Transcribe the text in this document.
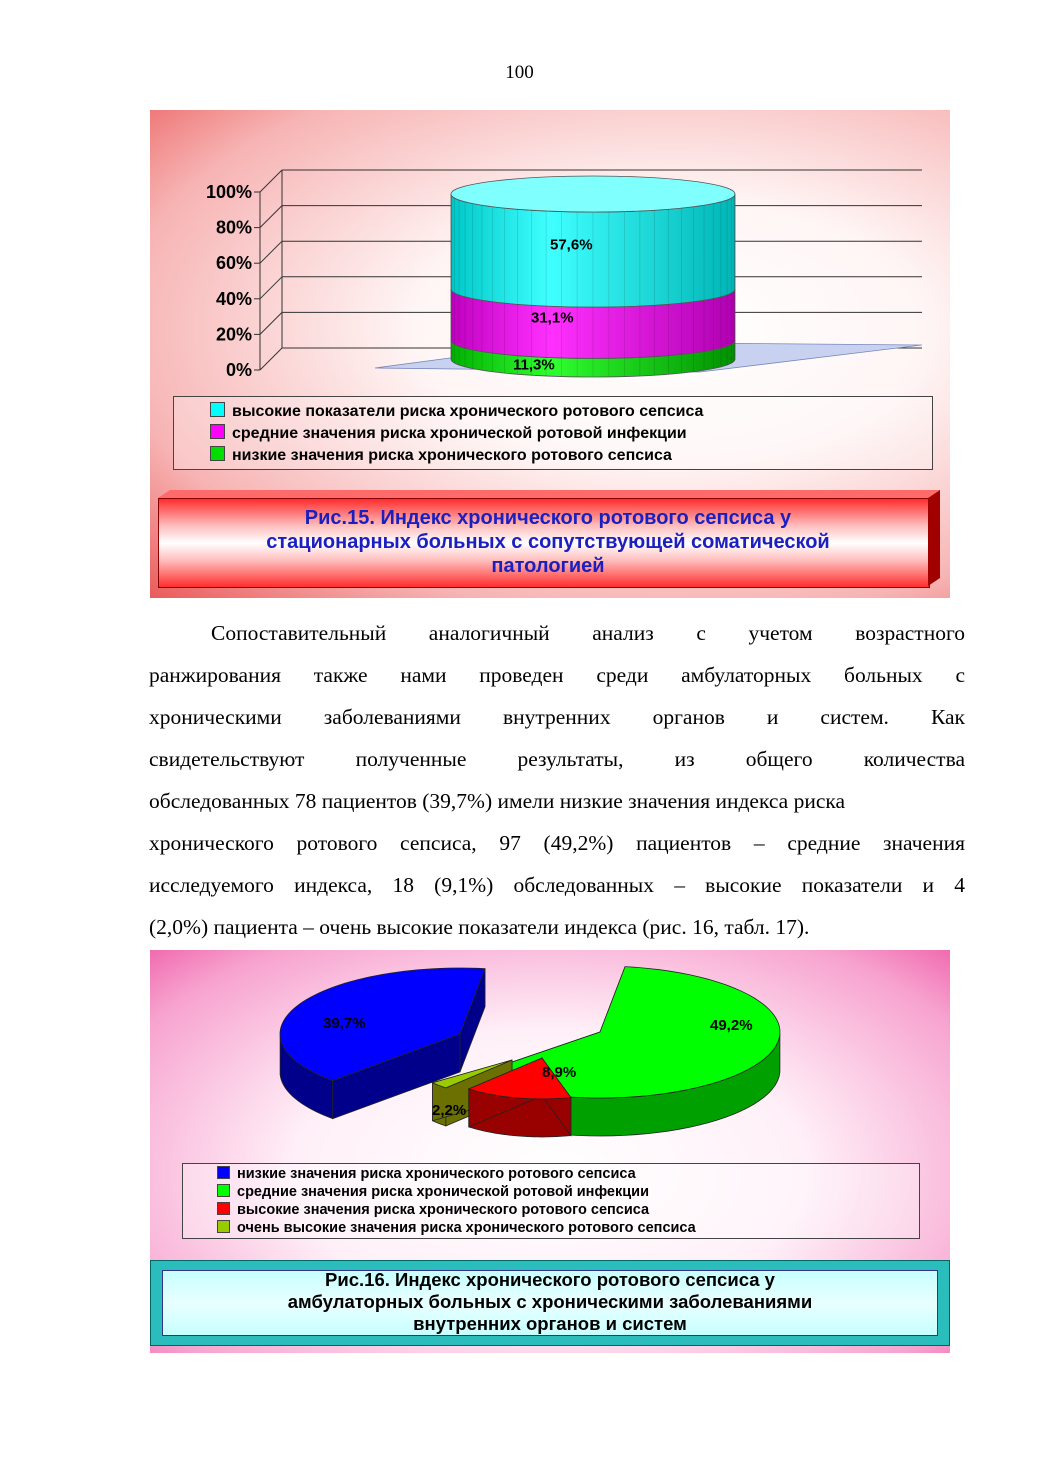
100
100%
80%
60%
40%
20%
0%	11,3%
31,1%
57,6%
высокие показатели риска хронического ротового сепсиса
средние значения риска хронической ротовой инфекции
низкие значения риска хронического ротового сепсиса
Рис.15. Индекс хронического ротового сепсиса у
стационарных больных с сопутствующей соматической
патологией
Сопоставительный аналогичный анализ с учетом возрастного
ранжирования также нами проведен среди амбулаторных больных с
хроническими заболеваниями внутренних органов и систем. Как
свидетельствуют полученные результаты, из общего количества
обследованных 78 пациентов (39,7%) имели низкие значения индекса риска
хронического ротового сепсиса, 97 (49,2%) пациентов – средние значения
исследуемого индекса, 18 (9,1%) обследованных – высокие показатели и 4
(2,0%) пациента – очень высокие показатели индекса (рис. 16, табл. 17).
39,7%	49,2%
8,9%
2,2%
низкие значения риска хронического ротового сепсиса
средние значения риска хронической ротовой инфекции
высокие значения риска хронического ротового сепсиса
очень высокие значения риска хронического ротового сепсиса
Рис.16. Индекс хронического ротового сепсиса у
амбулаторных больных с хроническими заболеваниями
внутренних органов и систем
